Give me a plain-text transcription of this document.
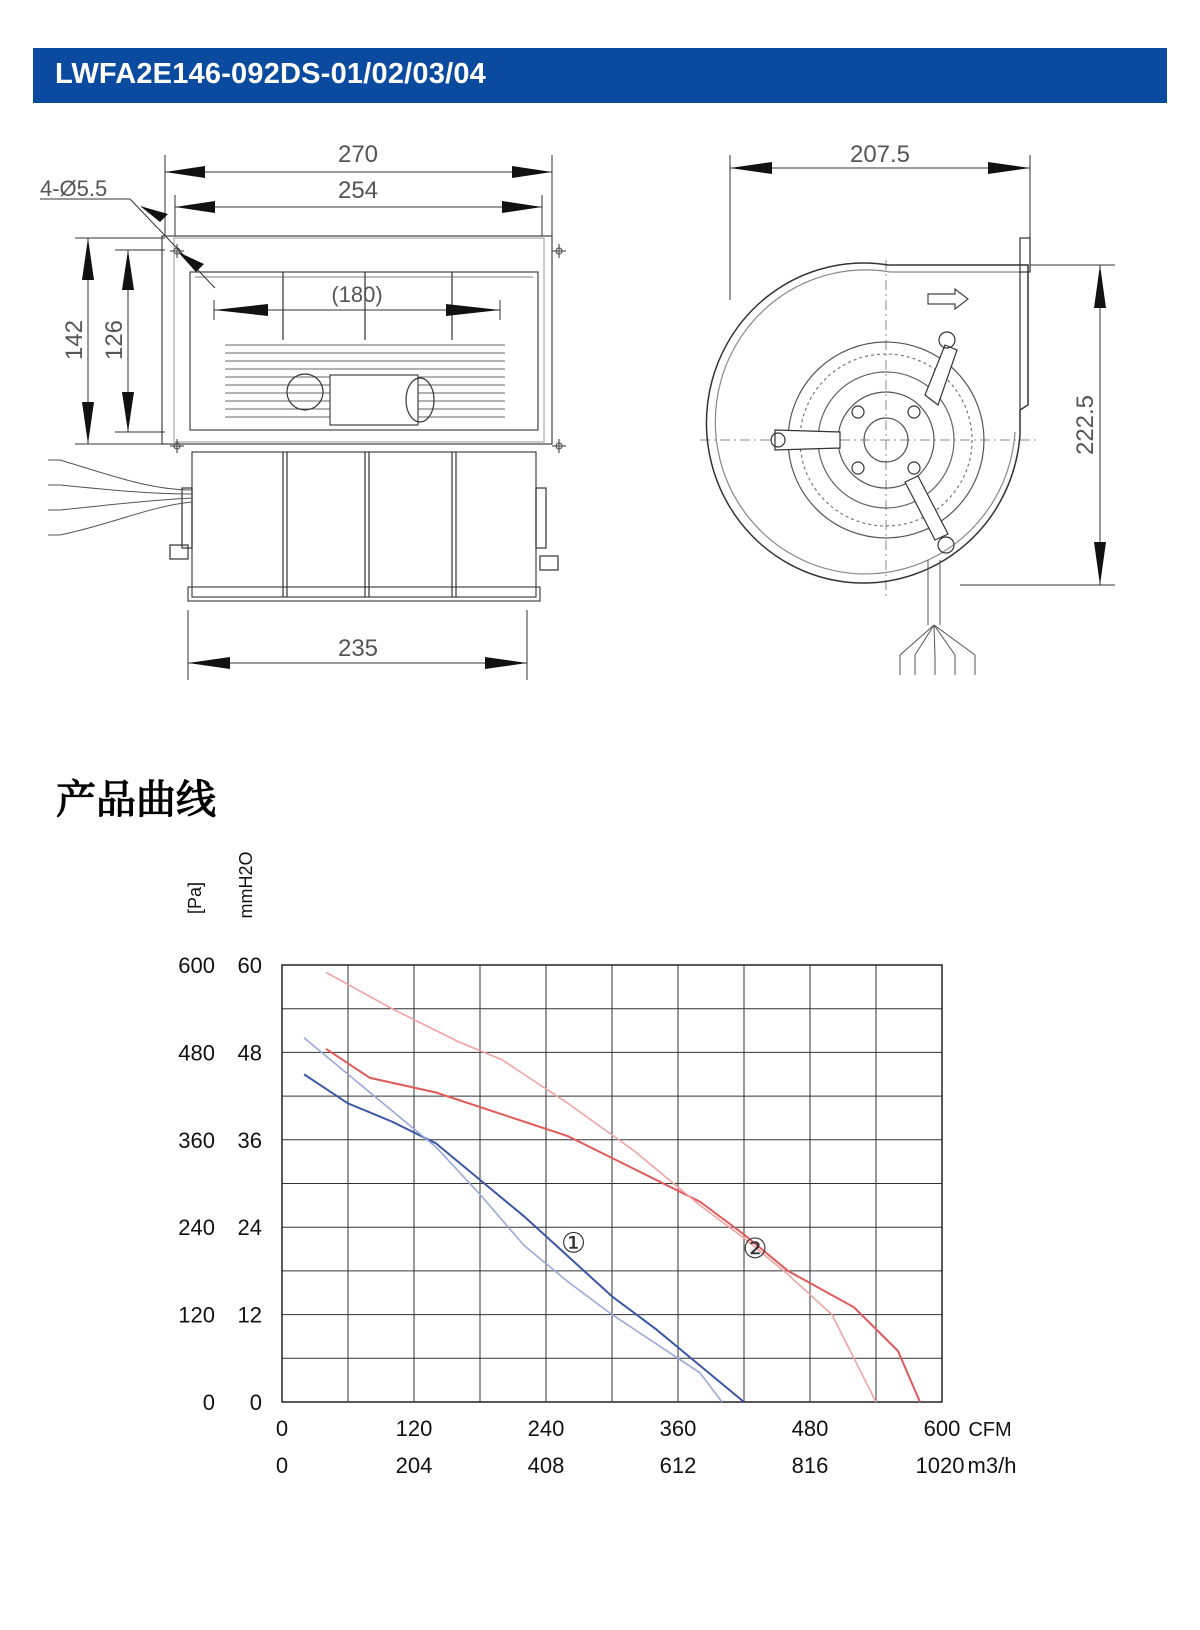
LWFA2E146-092DS-01/02/03/04
270
254
(180)
4-Ø5.5
142 126
235
207.5
222.5
产品曲线
①	②
600
480
360
240
120
0
60
48
36
24
12
0
0	120	240	360	480	600
0	204	408	612	816	1020
[Pa] mmH2O
CFM
m3/h
